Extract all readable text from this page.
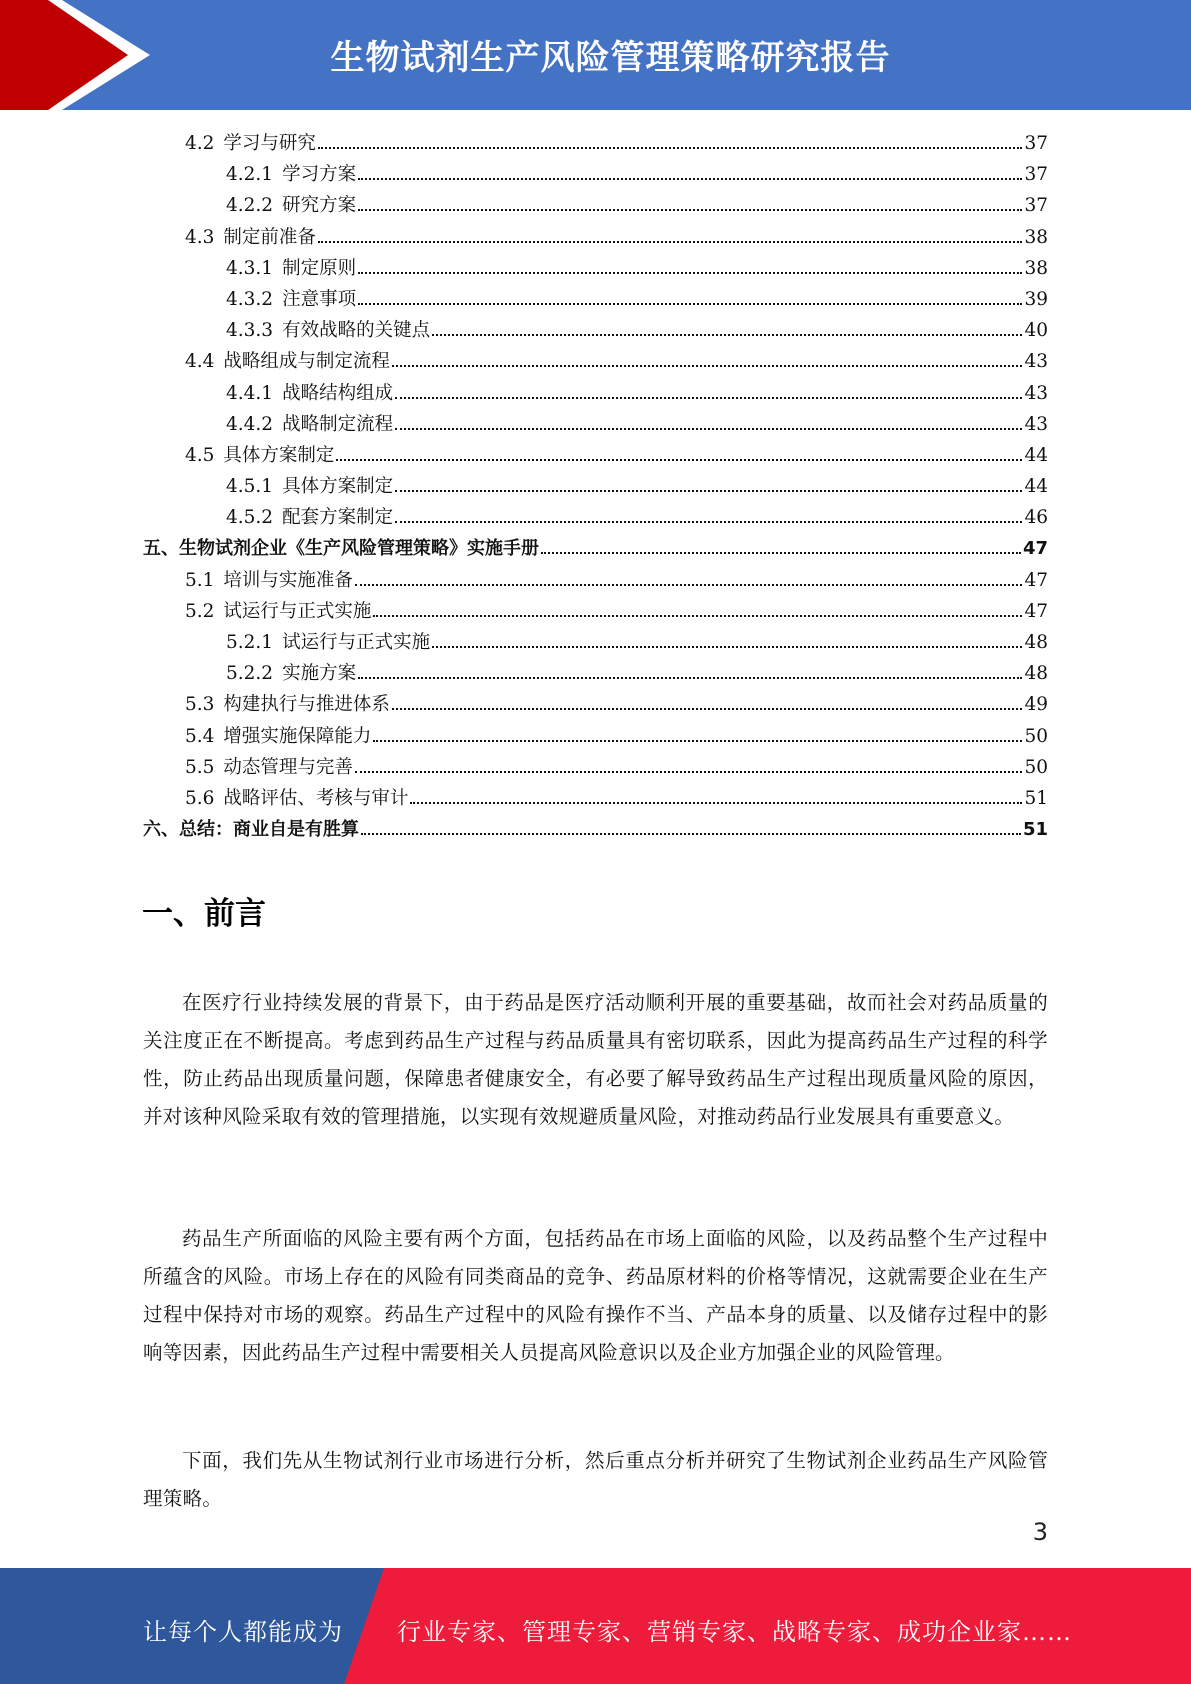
生物试剂生产风险管理策略研究报告
4.2 学习与研究	37
4.2.1 学习方案	37
4.2.2 研究方案	37
4.3 制定前准备	38
4.3.1 制定原则	38
4.3.2 注意事项	39
4.3.3 有效战略的关键点	40
4.4 战略组成与制定流程	43
4.4.1 战略结构组成	43
4.4.2 战略制定流程	43
4.5 具体方案制定	44
4.5.1 具体方案制定	44
4.5.2 配套方案制定	46
五、 生物试剂企业《生产风险管理策略》实施手册	47
5.1 培训与实施准备	47
5.2 试运行与正式实施	47
5.2.1 试运行与正式实施	48
5.2.2 实施方案	48
5.3 构建执行与推进体系	49
5.4 增强实施保障能力	50
5.5 动态管理与完善	50
5.6 战略评估、考核与审计	51
六、 总结：商业自是有胜算	51
一、前言

在医疗行业持续发展的背景下，由于药品是医疗活动顺利开展的重要基础，故而社会对药品质量的关注度正在不断提高。考虑到药品生产过程与药品质量具有密切联系，因此为提高药品生产过程的科学性，防止药品出现质量问题，保障患者健康安全，有必要了解导致药品生产过程出现质量风险的原因，并对该种风险采取有效的管理措施，以实现有效规避质量风险，对推动药品行业发展具有重要意义。

药品生产所面临的风险主要有两个方面，包括药品在市场上面临的风险，以及药品整个生产过程中所蕴含的风险。市场上存在的风险有同类商品的竞争、药品原材料的价格等情况，这就需要企业在生产过程中保持对市场的观察。药品生产过程中的风险有操作不当、产品本身的质量、以及储存过程中的影响等因素，因此药品生产过程中需要相关人员提高风险意识以及企业方加强企业的风险管理。

下面，我们先从生物试剂行业市场进行分析，然后重点分析并研究了生物试剂企业药品生产风险管理策略。

3
让每个人都能成为 行业专家、管理专家、营销专家、战略专家、成功企业家……
